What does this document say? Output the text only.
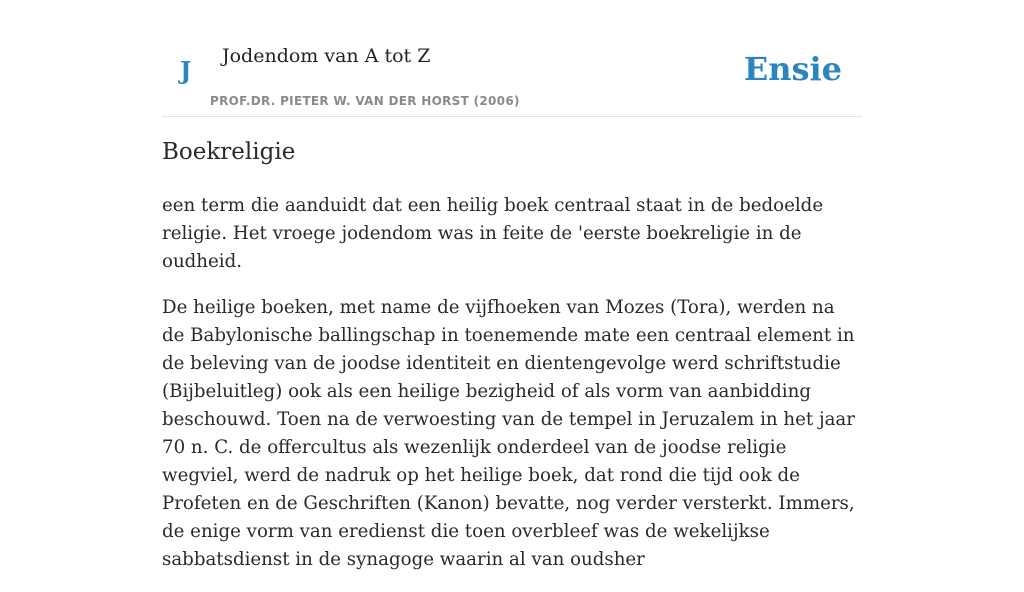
J Jodendom van A tot Z
PROF.DR. PIETER W. VAN DER HORST (2006)
Ensie
Boekreligie

een term die aanduidt dat een heilig boek centraal staat in de bedoelde religie. Het vroege jodendom was in feite de 'eerste boekreligie in de oudheid.

De heilige boeken, met name de vijfhoeken van Mozes (Tora), werden na de Babylonische ballingschap in toenemende mate een centraal element in de beleving van de joodse identiteit en dientengevolge werd schriftstudie (Bijbeluitleg) ook als een heilige bezigheid of als vorm van aanbidding beschouwd. Toen na de verwoesting van de tempel in Jeruzalem in het jaar 70 n. C. de offercultus als wezenlijk onderdeel van de joodse religie wegviel, werd de nadruk op het heilige boek, dat rond die tijd ook de Profeten en de Geschriften (Kanon) bevatte, nog verder versterkt. Immers, de enige vorm van eredienst die toen overbleef was de wekelijkse sabbatsdienst in de synagoge waarin al van oudsher
